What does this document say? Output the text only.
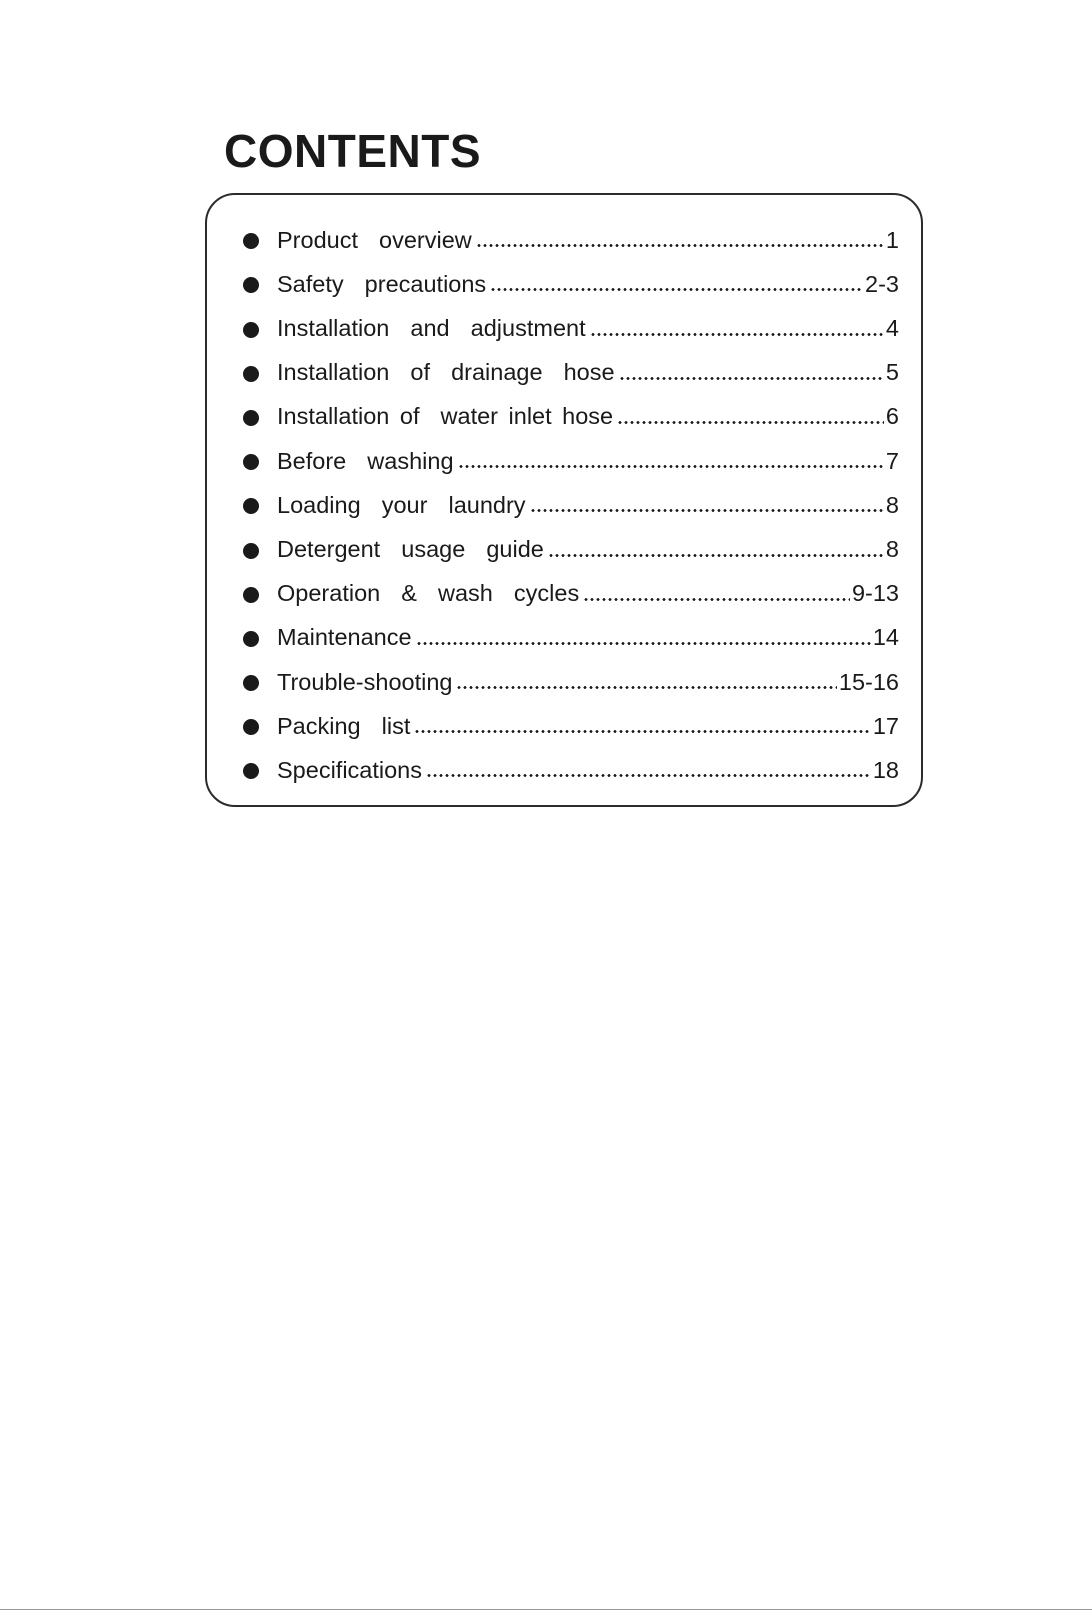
CONTENTS
Product  overview	1
Safety  precautions	2-3
Installation  and  adjustment	4
Installation  of  drainage  hose	5
Installation of  water inlet hose	6
Before  washing	7
Loading  your  laundry	8
Detergent  usage  guide	8
Operation  &  wash  cycles	9-13
Maintenance	14
Trouble-shooting	15-16
Packing  list	17
Specifications	18
